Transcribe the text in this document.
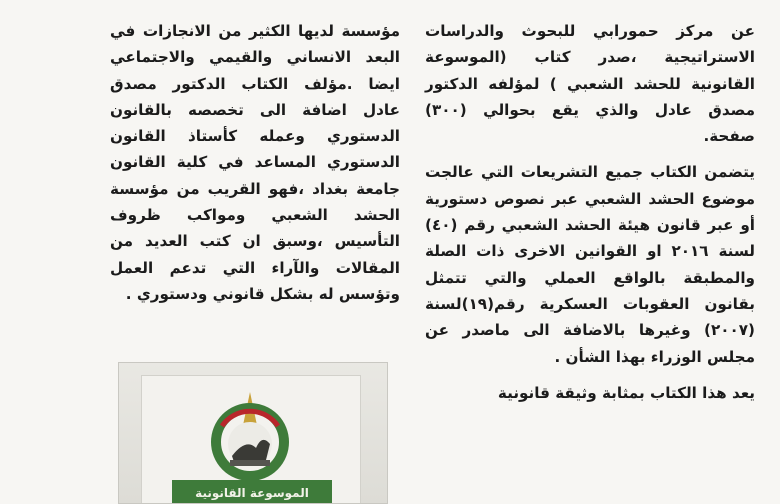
عن مركز حمورابي للبحوث والدراسات الاستراتيجية ،صدر كتاب (الموسوعة القانونية للحشد الشعبي ) لمؤلفه الدكتور مصدق عادل والذي يقع بحوالي (٣٠٠) صفحة.

يتضمن الكتاب جميع التشريعات التي عالجت موضوع الحشد الشعبي عبر نصوص دستورية أو عبر قانون هيئة الحشد الشعبي رقم (٤٠) لسنة ٢٠١٦ او القوانين الاخرى ذات الصلة والمطبقة بالواقع العملي والتي تتمثل بقانون العقوبات العسكرية رقم(١٩)لسنة (٢٠٠٧) وغيرها بالاضافة الى ماصدر عن مجلس الوزراء بهذا الشأن .

يعد هذا الكتاب بمثابة وثيقة قانونية

مؤسسة لديها الكثير من الانجازات في البعد الانساني والقيمي والاجتماعي ايضا .مؤلف الكتاب الدكتور مصدق عادل اضافة الى تخصصه بالقانون الدستوري وعمله كأستاذ القانون الدستوري المساعد في كلية القانون جامعة بغداد ،فهو القريب من مؤسسة الحشد الشعبي ومواكب ظروف التأسيس ،وسبق ان كتب العديد من المقالات والآراء التي تدعم العمل وتؤسس له بشكل قانوني ودستوري .

الموسوعة القانونية
